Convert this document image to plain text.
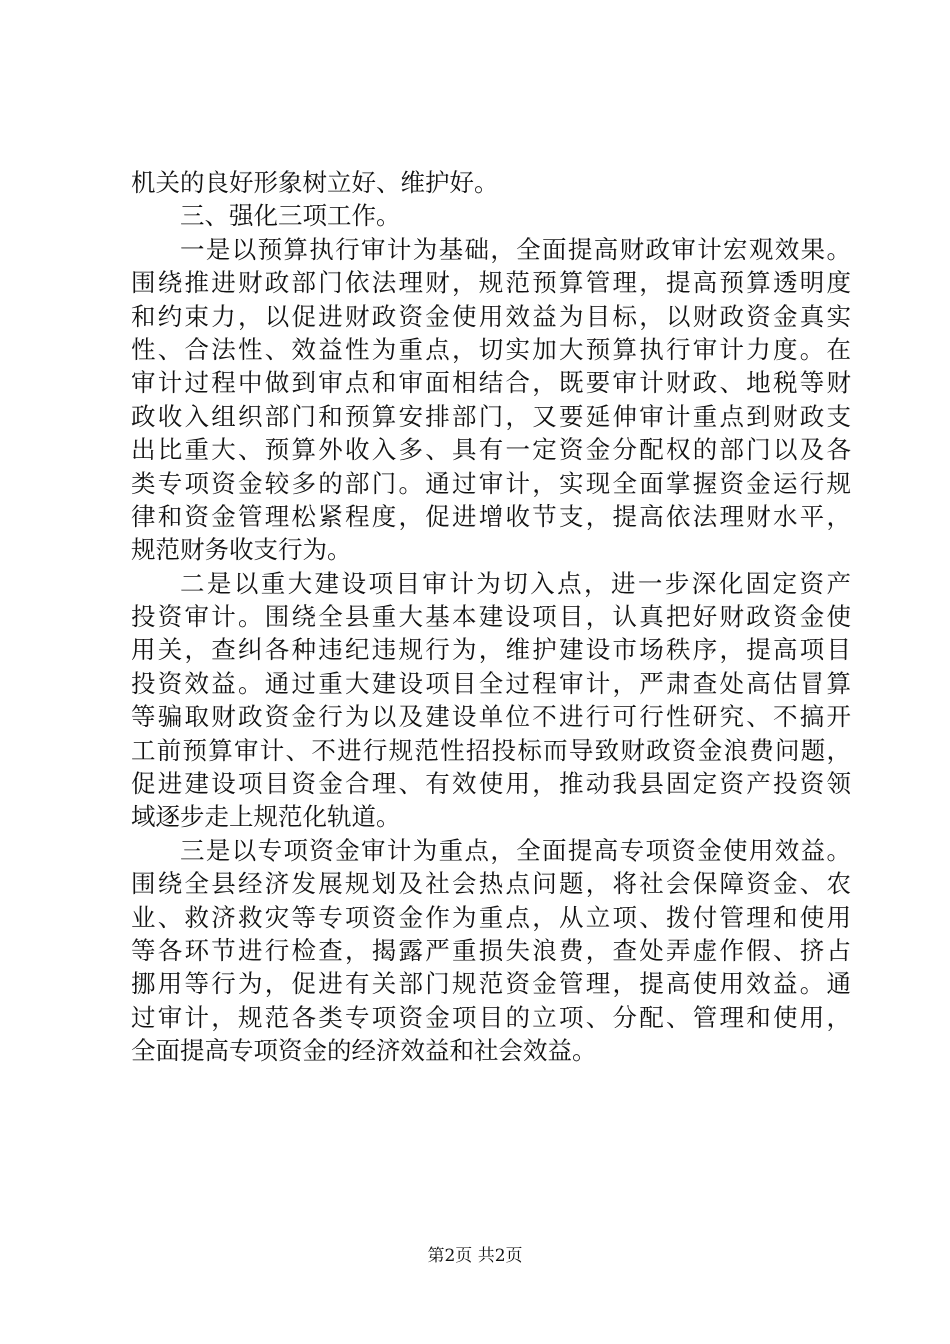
机关的良好形象树立好、维护好。
三、强化三项工作。
一是以预算执行审计为基础，全面提高财政审计宏观效果。
围绕推进财政部门依法理财，规范预算管理，提高预算透明度
和约束力，以促进财政资金使用效益为目标，以财政资金真实
性、合法性、效益性为重点，切实加大预算执行审计力度。在
审计过程中做到审点和审面相结合，既要审计财政、地税等财
政收入组织部门和预算安排部门，又要延伸审计重点到财政支
出比重大、预算外收入多、具有一定资金分配权的部门以及各
类专项资金较多的部门。通过审计，实现全面掌握资金运行规
律和资金管理松紧程度，促进增收节支，提高依法理财水平，
规范财务收支行为。
二是以重大建设项目审计为切入点，进一步深化固定资产
投资审计。围绕全县重大基本建设项目，认真把好财政资金使
用关，查纠各种违纪违规行为，维护建设市场秩序，提高项目
投资效益。通过重大建设项目全过程审计，严肃查处高估冒算
等骗取财政资金行为以及建设单位不进行可行性研究、不搞开
工前预算审计、不进行规范性招投标而导致财政资金浪费问题，
促进建设项目资金合理、有效使用，推动我县固定资产投资领
域逐步走上规范化轨道。
三是以专项资金审计为重点，全面提高专项资金使用效益。
围绕全县经济发展规划及社会热点问题，将社会保障资金、农
业、救济救灾等专项资金作为重点，从立项、拨付管理和使用
等各环节进行检查，揭露严重损失浪费，查处弄虚作假、挤占
挪用等行为，促进有关部门规范资金管理，提高使用效益。通
过审计，规范各类专项资金项目的立项、分配、管理和使用，
全面提高专项资金的经济效益和社会效益。
第2页 共2页
